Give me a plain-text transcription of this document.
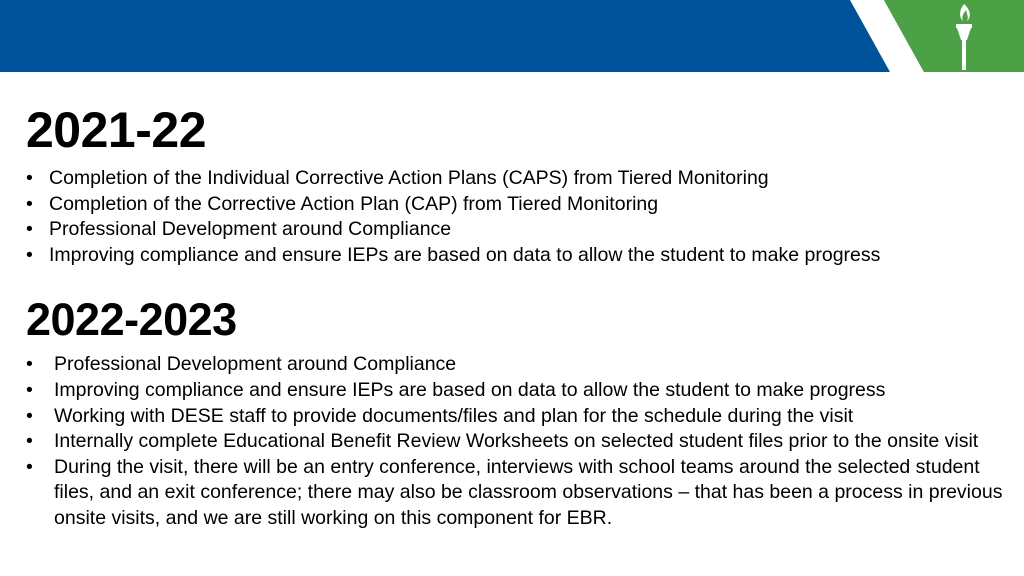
2021-22
• Completion of the Individual Corrective Action Plans (CAPS) from Tiered Monitoring
• Completion of the Corrective Action Plan (CAP) from Tiered Monitoring
• Professional Development around Compliance
• Improving compliance and ensure IEPs are based on data to allow the student to make progress
2022-2023
• Professional Development around Compliance
• Improving compliance and ensure IEPs are based on data to allow the student to make progress
• Working with DESE staff to provide documents/files and plan for the schedule during the visit
• Internally complete Educational Benefit Review Worksheets on selected student files prior to the onsite visit
• During the visit, there will be an entry conference, interviews with school teams around the selected student files, and an exit conference; there may also be classroom observations – that has been a process in previous onsite visits, and we are still working on this component for EBR.
